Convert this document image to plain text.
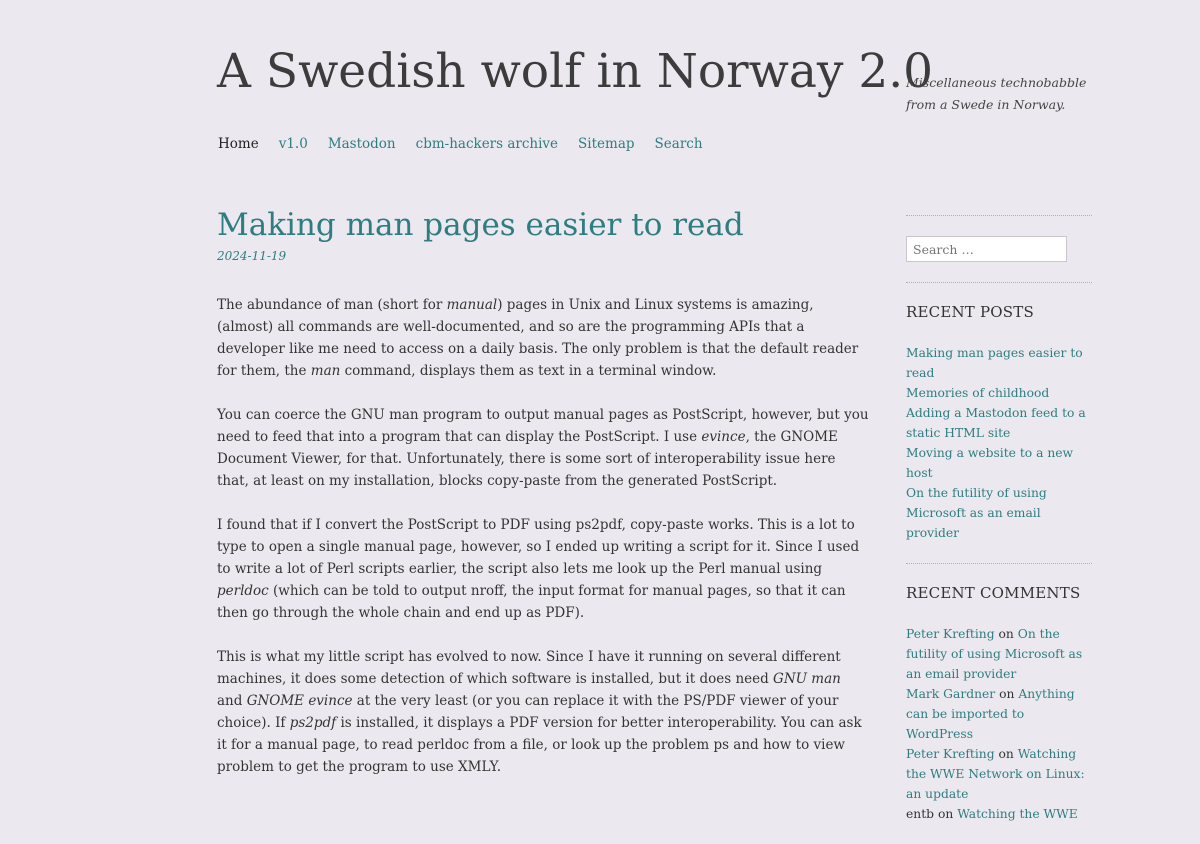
A Swedish wolf in Norway 2.0
Miscellaneous technobabble from a Swede in Norway.
Home v1.0 Mastodon cbm-hackers archive Sitemap Search
Making man pages easier to read
2024-11-19

The abundance of man (short for manual) pages in Unix and Linux systems is amazing, (almost) all commands are well-documented, and so are the programming APIs that a developer like me need to access on a daily basis. The only problem is that the default reader for them, the man command, displays them as text in a terminal window.

You can coerce the GNU man program to output manual pages as PostScript, however, but you need to feed that into a program that can display the PostScript. I use evince, the GNOME Document Viewer, for that. Unfortunately, there is some sort of interoperability issue here that, at least on my installation, blocks copy-paste from the generated PostScript.

I found that if I convert the PostScript to PDF using ps2pdf, copy-paste works. This is a lot to type to open a single manual page, however, so I ended up writing a script for it. Since I used to write a lot of Perl scripts earlier, the script also lets me look up the Perl manual using perldoc (which can be told to output nroff, the input format for manual pages, so that it can then go through the whole chain and end up as PDF).

This is what my little script has evolved to now. Since I have it running on several different machines, it does some detection of which software is installed, but it does need GNU man and GNOME evince at the very least (or you can replace it with the PS/PDF viewer of your choice). If ps2pdf is installed, it displays a PDF version for better interoperability. You can ask it for a manual page, to read perldoc from a file, or look up the problem ps and how to view problem to get the program to use XMLY.

Search …
RECENT POSTS
Making man pages easier to read
Memories of childhood
Adding a Mastodon feed to a static HTML site
Moving a website to a new host
On the futility of using Microsoft as an email provider
RECENT COMMENTS
Peter Krefting on On the futility of using Microsoft as an email provider
Mark Gardner on Anything can be imported to WordPress
Peter Krefting on Watching the WWE Network on Linux: an update
entb on Watching the WWE
